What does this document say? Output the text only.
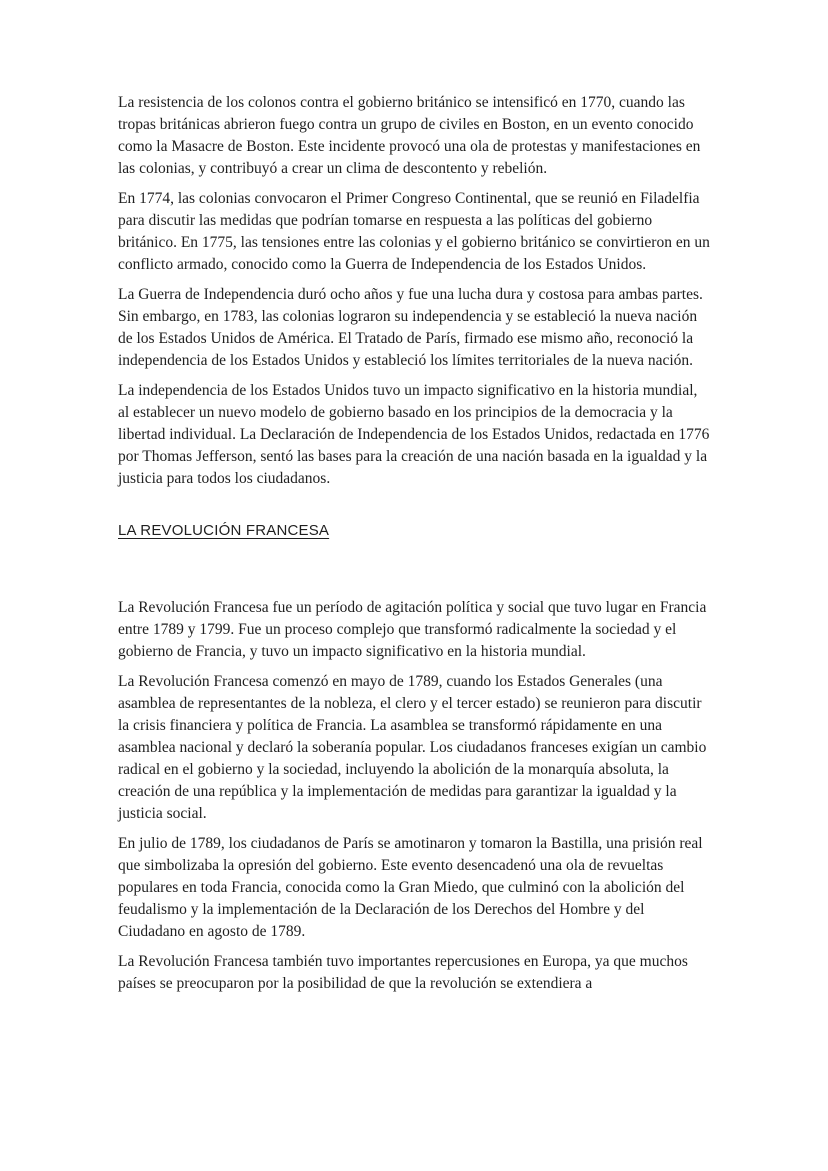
La resistencia de los colonos contra el gobierno británico se intensificó en 1770, cuando las tropas británicas abrieron fuego contra un grupo de civiles en Boston, en un evento conocido como la Masacre de Boston. Este incidente provocó una ola de protestas y manifestaciones en las colonias, y contribuyó a crear un clima de descontento y rebelión.

En 1774, las colonias convocaron el Primer Congreso Continental, que se reunió en Filadelfia para discutir las medidas que podrían tomarse en respuesta a las políticas del gobierno británico. En 1775, las tensiones entre las colonias y el gobierno británico se convirtieron en un conflicto armado, conocido como la Guerra de Independencia de los Estados Unidos.

La Guerra de Independencia duró ocho años y fue una lucha dura y costosa para ambas partes. Sin embargo, en 1783, las colonias lograron su independencia y se estableció la nueva nación de los Estados Unidos de América. El Tratado de París, firmado ese mismo año, reconoció la independencia de los Estados Unidos y estableció los límites territoriales de la nueva nación.

La independencia de los Estados Unidos tuvo un impacto significativo en la historia mundial, al establecer un nuevo modelo de gobierno basado en los principios de la democracia y la libertad individual. La Declaración de Independencia de los Estados Unidos, redactada en 1776 por Thomas Jefferson, sentó las bases para la creación de una nación basada en la igualdad y la justicia para todos los ciudadanos.

LA REVOLUCIÓN FRANCESA

La Revolución Francesa fue un período de agitación política y social que tuvo lugar en Francia entre 1789 y 1799. Fue un proceso complejo que transformó radicalmente la sociedad y el gobierno de Francia, y tuvo un impacto significativo en la historia mundial.

La Revolución Francesa comenzó en mayo de 1789, cuando los Estados Generales (una asamblea de representantes de la nobleza, el clero y el tercer estado) se reunieron para discutir la crisis financiera y política de Francia. La asamblea se transformó rápidamente en una asamblea nacional y declaró la soberanía popular. Los ciudadanos franceses exigían un cambio radical en el gobierno y la sociedad, incluyendo la abolición de la monarquía absoluta, la creación de una república y la implementación de medidas para garantizar la igualdad y la justicia social.

En julio de 1789, los ciudadanos de París se amotinaron y tomaron la Bastilla, una prisión real que simbolizaba la opresión del gobierno. Este evento desencadenó una ola de revueltas populares en toda Francia, conocida como la Gran Miedo, que culminó con la abolición del feudalismo y la implementación de la Declaración de los Derechos del Hombre y del Ciudadano en agosto de 1789.

La Revolución Francesa también tuvo importantes repercusiones en Europa, ya que muchos países se preocuparon por la posibilidad de que la revolución se extendiera a
